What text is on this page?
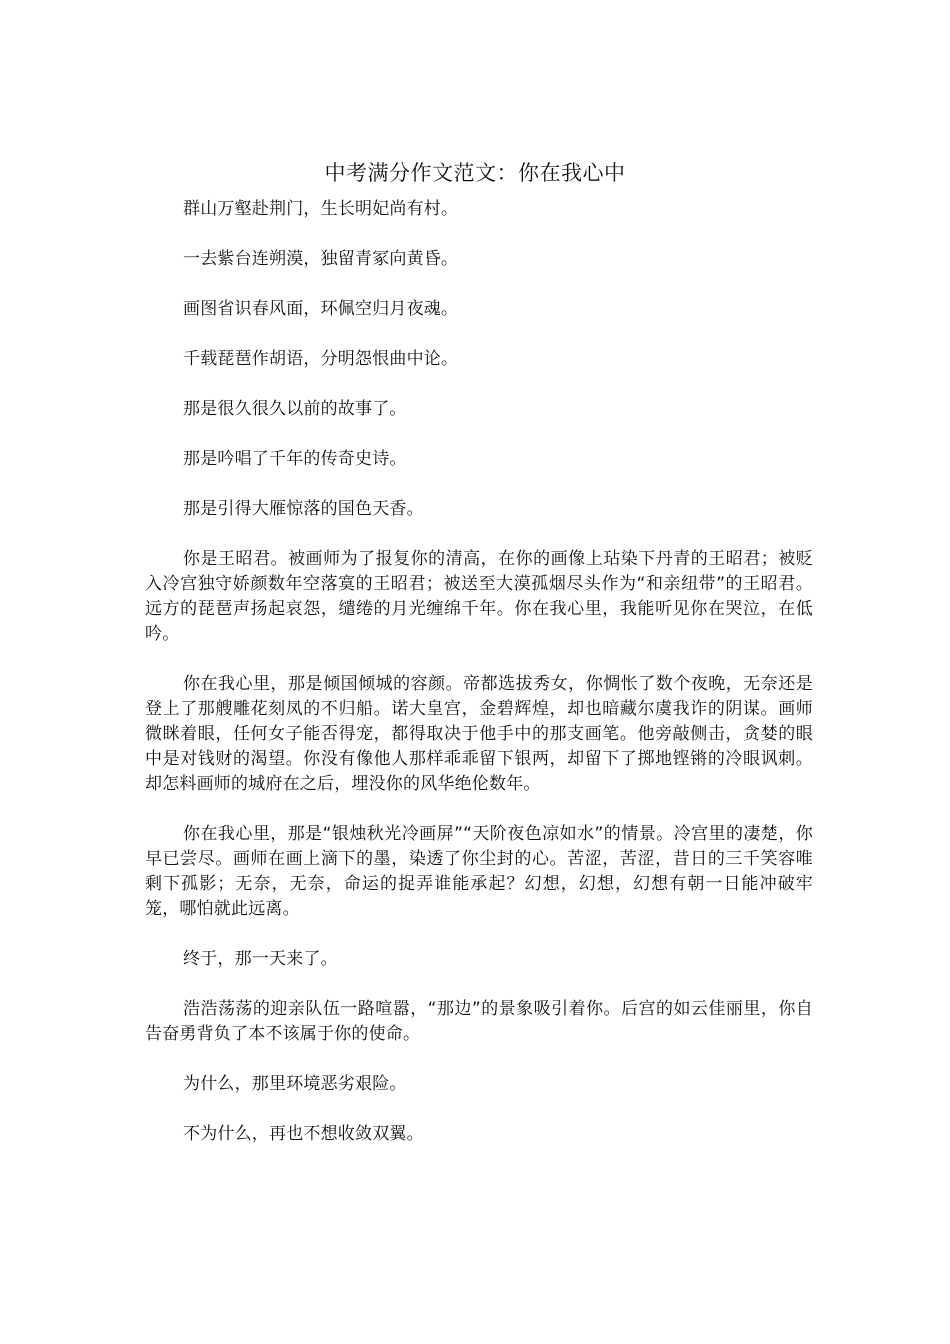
中考满分作文范文：你在我心中

群山万壑赴荆门，生长明妃尚有村。

一去紫台连朔漠，独留青冢向黄昏。

画图省识春风面，环佩空归月夜魂。

千载琵琶作胡语，分明怨恨曲中论。

那是很久很久以前的故事了。

那是吟唱了千年的传奇史诗。

那是引得大雁惊落的国色天香。

你是王昭君。被画师为了报复你的清高，在你的画像上玷染下丹青的王昭君；被贬入冷宫独守娇颜数年空落寞的王昭君；被送至大漠孤烟尽头作为“和亲纽带”的王昭君。远方的琵琶声扬起哀怨，缱绻的月光缠绵千年。你在我心里，我能听见你在哭泣，在低吟。

你在我心里，那是倾国倾城的容颜。帝都选拔秀女，你惆怅了数个夜晚，无奈还是登上了那艘雕花刻凤的不归船。诺大皇宫，金碧辉煌，却也暗藏尔虞我诈的阴谋。画师微眯着眼，任何女子能否得宠，都得取决于他手中的那支画笔。他旁敲侧击，贪婪的眼中是对钱财的渴望。你没有像他人那样乖乖留下银两，却留下了掷地铿锵的冷眼讽刺。却怎料画师的城府在之后，埋没你的风华绝伦数年。

你在我心里，那是“银烛秋光冷画屏”“天阶夜色凉如水”的情景。冷宫里的凄楚，你早已尝尽。画师在画上滴下的墨，染透了你尘封的心。苦涩，苦涩，昔日的三千笑容唯剩下孤影；无奈，无奈，命运的捉弄谁能承起？幻想，幻想，幻想有朝一日能冲破牢笼，哪怕就此远离。

终于，那一天来了。

浩浩荡荡的迎亲队伍一路喧嚣，“那边”的景象吸引着你。后宫的如云佳丽里，你自告奋勇背负了本不该属于你的使命。

为什么，那里环境恶劣艰险。

不为什么，再也不想收敛双翼。
